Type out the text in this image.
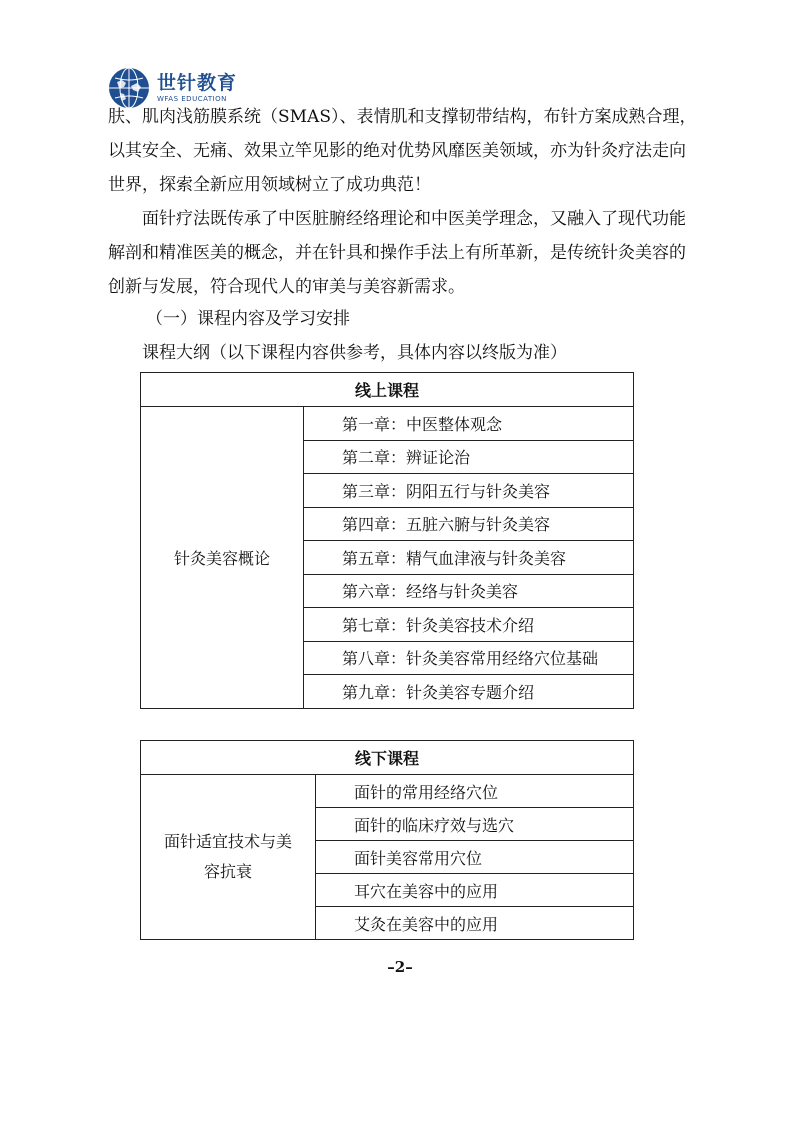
世针教育
WFAS EDUCATION

肤、肌肉浅筋膜系统（SMAS）、表情肌和支撑韧带结构，布针方案成熟合理，
以其安全、无痛、效果立竿见影的绝对优势风靡医美领域，亦为针灸疗法走向
世界，探索全新应用领域树立了成功典范！

面针疗法既传承了中医脏腑经络理论和中医美学理念，又融入了现代功能
解剖和精准医美的概念，并在针具和操作手法上有所革新，是传统针灸美容的
创新与发展，符合现代人的审美与美容新需求。

（一）课程内容及学习安排
课程大纲（以下课程内容供参考，具体内容以终版为准）
线上课程
针灸美容概论	第一章：中医整体观念
第二章：辨证论治
第三章：阴阳五行与针灸美容
第四章：五脏六腑与针灸美容
第五章：精气血津液与针灸美容
第六章：经络与针灸美容
第七章：针灸美容技术介绍
第八章：针灸美容常用经络穴位基础
第九章：针灸美容专题介绍
线下课程

面针适宜技术与美
容抗衰
	面针的常用经络穴位
面针的临床疗效与选穴
面针美容常用穴位
耳穴在美容中的应用
艾灸在美容中的应用
–2–
